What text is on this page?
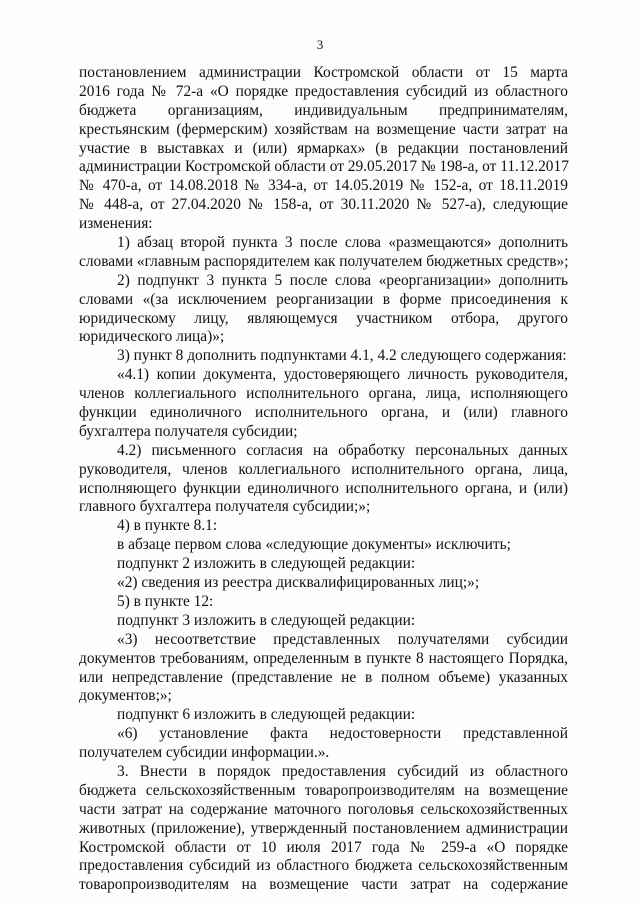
3
постановлением администрации Костромской области от 15 марта
2016 года № 72-а «О порядке предоставления субсидий из областного
бюджета организациям, индивидуальным предпринимателям,
крестьянским (фермерским) хозяйствам на возмещение части затрат на
участие в выставках и (или) ярмарках» (в редакции постановлений
администрации Костромской области от 29.05.2017 № 198-а, от 11.12.2017
№ 470-а, от 14.08.2018 № 334-а, от 14.05.2019 № 152-а, от 18.11.2019
№ 448-а, от 27.04.2020 № 158-а, от 30.11.2020 № 527-а), следующие
изменения:
1) абзац второй пункта 3 после слова «размещаются» дополнить
словами «главным распорядителем как получателем бюджетных средств»;
2) подпункт 3 пункта 5 после слова «реорганизации» дополнить
словами «(за исключением реорганизации в форме присоединения к
юридическому лицу, являющемуся участником отбора, другого
юридического лица)»;
3) пункт 8 дополнить подпунктами 4.1, 4.2 следующего содержания:
«4.1) копии документа, удостоверяющего личность руководителя,
членов коллегиального исполнительного органа, лица, исполняющего
функции единоличного исполнительного органа, и (или) главного
бухгалтера получателя субсидии;
4.2) письменного согласия на обработку персональных данных
руководителя, членов коллегиального исполнительного органа, лица,
исполняющего функции единоличного исполнительного органа, и (или)
главного бухгалтера получателя субсидии;»;
4) в пункте 8.1:
в абзаце первом слова «следующие документы» исключить;
подпункт 2 изложить в следующей редакции:
«2) сведения из реестра дисквалифицированных лиц;»;
5) в пункте 12:
подпункт 3 изложить в следующей редакции:
«3) несоответствие представленных получателями субсидии
документов требованиям, определенным в пункте 8 настоящего Порядка,
или непредставление (представление не в полном объеме) указанных
документов;»;
подпункт 6 изложить в следующей редакции:
«6) установление факта недостоверности представленной
получателем субсидии информации.».
3. Внести в порядок предоставления субсидий из областного
бюджета сельскохозяйственным товаропроизводителям на возмещение
части затрат на содержание маточного поголовья сельскохозяйственных
животных (приложение), утвержденный постановлением администрации
Костромской области от 10 июля 2017 года № 259-а «О порядке
предоставления субсидий из областного бюджета сельскохозяйственным
товаропроизводителям на возмещение части затрат на содержание
